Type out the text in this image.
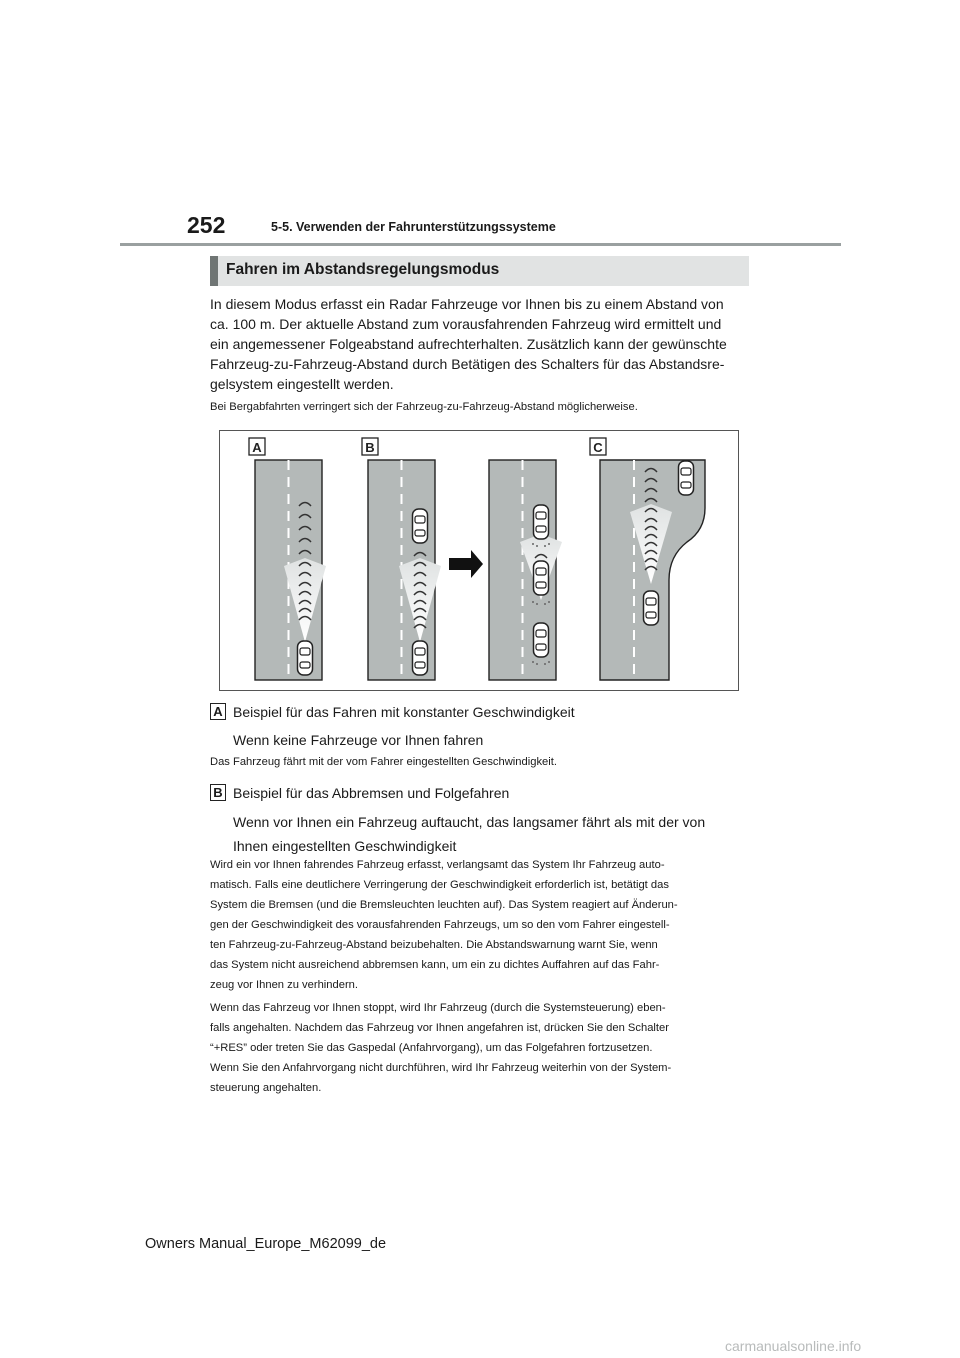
252	5-5. Verwenden der Fahrunterstützungssysteme
Fahren im Abstandsregelungsmodus
In diesem Modus erfasst ein Radar Fahrzeuge vor Ihnen bis zu einem Abstand von
ca. 100 m. Der aktuelle Abstand zum vorausfahrenden Fahrzeug wird ermittelt und
ein angemessener Folgeabstand aufrechterhalten. Zusätzlich kann der gewünschte
Fahrzeug-zu-Fahrzeug-Abstand durch Betätigen des Schalters für das Abstandsre-
gelsystem eingestellt werden.
Bei Bergabfahrten verringert sich der Fahrzeug-zu-Fahrzeug-Abstand möglicherweise.
A	B	C
A Beispiel für das Fahren mit konstanter Geschwindigkeit
Wenn keine Fahrzeuge vor Ihnen fahren
Das Fahrzeug fährt mit der vom Fahrer eingestellten Geschwindigkeit.
B Beispiel für das Abbremsen und Folgefahren
Wenn vor Ihnen ein Fahrzeug auftaucht, das langsamer fährt als mit der von
Ihnen eingestellten Geschwindigkeit
Wird ein vor Ihnen fahrendes Fahrzeug erfasst, verlangsamt das System Ihr Fahrzeug auto-
matisch. Falls eine deutlichere Verringerung der Geschwindigkeit erforderlich ist, betätigt das
System die Bremsen (und die Bremsleuchten leuchten auf). Das System reagiert auf Änderun-
gen der Geschwindigkeit des vorausfahrenden Fahrzeugs, um so den vom Fahrer eingestell-
ten Fahrzeug-zu-Fahrzeug-Abstand beizubehalten. Die Abstandswarnung warnt Sie, wenn
das System nicht ausreichend abbremsen kann, um ein zu dichtes Auffahren auf das Fahr-
zeug vor Ihnen zu verhindern.
Wenn das Fahrzeug vor Ihnen stoppt, wird Ihr Fahrzeug (durch die Systemsteuerung) eben-
falls angehalten. Nachdem das Fahrzeug vor Ihnen angefahren ist, drücken Sie den Schalter
“+RES” oder treten Sie das Gaspedal (Anfahrvorgang), um das Folgefahren fortzusetzen.
Wenn Sie den Anfahrvorgang nicht durchführen, wird Ihr Fahrzeug weiterhin von der System-
steuerung angehalten.
Owners Manual_Europe_M62099_de
carmanualsonline.info
